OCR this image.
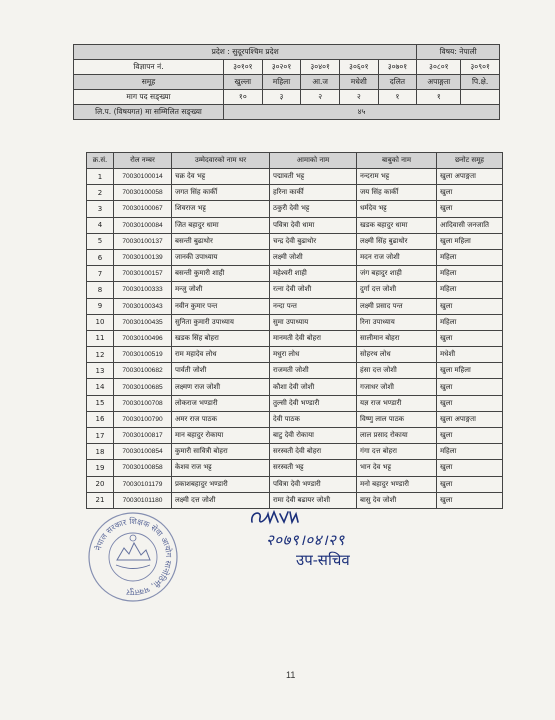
प्रदेश : सुदूरपश्चिम प्रदेश						विषय: नेपाली	
विज्ञापन नं.	३०१०१	३०२०१	३०४०१	३०६०१	३०७०१	३०८०१	३०९०१
समूह	खुल्ला	महिला	आ.ज	मधेशी	दलित	अपाङ्गता	पि.क्षे.
माग पद सङ्ख्या	१०	३	२	२	१	१	
लि.प. (विषयगत) मा सम्मिलित सङ्ख्या	४५						
क्र.सं.	रोल नम्बर	उम्मेदवारको नाम थर	आमाको नाम	बाबुको नाम	छनोट समूह
1	70030100014	चक्र देव भट्ट	पद्मावती भट्ट	नन्दराम भट्ट	खुला अपाङ्गता
2	70030100058	जगत सिंह कार्की	हरिना कार्की	जय सिंह कार्की	खुला
3	70030100067	शिवराज भट्ट	ठकुरी देवी भट्ट	धर्मदेव भट्ट	खुला
4	70030100084	जित बहादुर धामा	पवित्रा देवी धामा	खडक बहादुर धामा	आदिवासी जनजाति
5	70030100137	बसन्ती बुढाथोर	चन्द्र देवी बुढाथोर	लक्ष्मी सिंह बुढाथोर	खुला महिला
6	70030100139	जानकी उपाध्याय	लक्ष्मी जोशी	मदन राज जोशी	महिला
7	70030100157	बसन्ती कुमारी शाही	महेश्वरी शाही	जंग बहादुर शाही	महिला
8	70030100333	मन्जु जोशी	रत्ना देवी जोशी	दुर्गा दत्त जोशी	महिला
9	70030100343	नवीन कुमार पन्त	नन्दा पन्त	लक्ष्मी प्रसाद पन्त	खुला
10	70030100435	सुनिता कुमारी उपाध्याय	सुमा उपाध्याय	रिना उपाध्याय	महिला
11	70030100496	खडक सिंह बोहरा	मानमती देवी बोहरा	सालीमान बोहरा	खुला
12	70030100519	राम महादेव लोध	मधुरा लोध	सोहरथ लोध	मधेशी
13	70030100682	पार्वती जोशी	राजमती जोशी	हंसा दत्त जोशी	खुला महिला
14	70030100685	लक्ष्मण राज जोशी	कौशा देवी जोशी	गजाधर जोशी	खुला
15	70030100708	लोकराज भण्डारी	तुल्सी देवी भण्डारी	यज्ञ राज भण्डारी	खुला
16	70030100790	अमर राज पाठक	देवी पाठक	विष्णु लाल पाठक	खुला अपाङ्गता
17	70030100817	मान बहादुर रोकाया	बाटु देवी रोकाया	लाल प्रसाद रोकाया	खुला
18	70030100854	कुमारी सावित्री बोहरा	सरस्वती देवी बोहरा	गंगा दत्त बोहरा	महिला
19	70030100858	केशव राज भट्ट	सरस्वती भट्ट	भान देव भट्ट	खुला
20	70030101179	प्रकाशबहादुर भण्डारी	पवित्रा देवी भण्डारी	मनो बहादुर भण्डारी	खुला
21	70030101180	लक्ष्मी दत्त जोशी	रामा देवी बढायर जोशी	बासु देव जोशी	खुला
नेपाल सरकार शिक्षक सेवा आयोग सानोठिमी, भक्तपुर
२०७९।०४।२९
उप-सचिव
11
